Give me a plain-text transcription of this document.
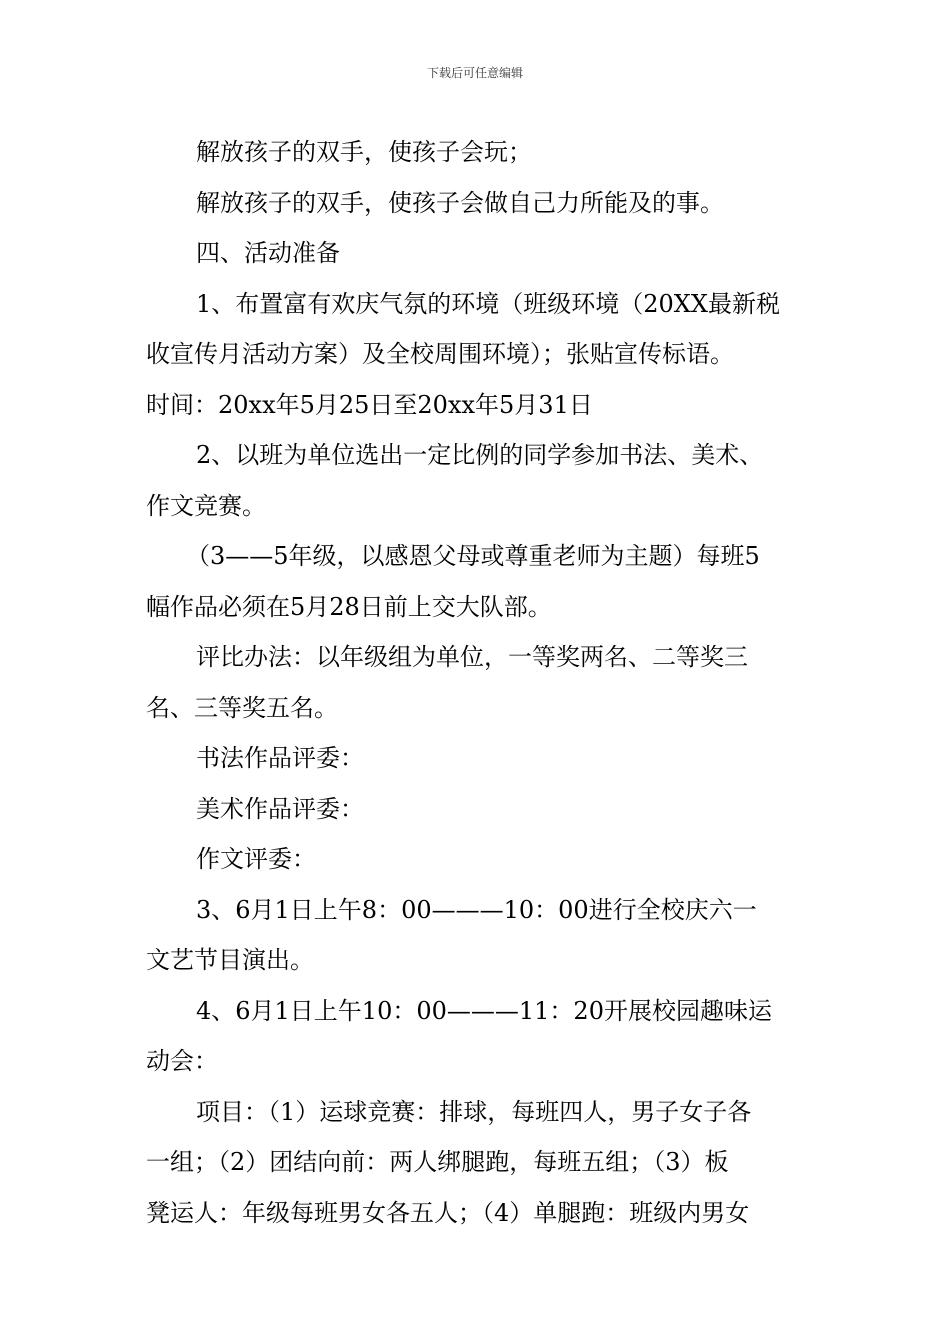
下载后可任意编辑
解放孩子的双手，使孩子会玩；
解放孩子的双手，使孩子会做自己力所能及的事。
四、活动准备
1、布置富有欢庆气氛的环境（班级环境（20XX最新税
收宣传月活动方案）及全校周围环境）；张贴宣传标语。
时间：20xx年5月25日至20xx年5月31日
2、以班为单位选出一定比例的同学参加书法、美术、
作文竞赛。
（3——5年级，以感恩父母或尊重老师为主题）每班5
幅作品必须在5月28日前上交大队部。
评比办法：以年级组为单位，一等奖两名、二等奖三
名、三等奖五名。
书法作品评委：
美术作品评委：
作文评委：
3、6月1日上午8：00———10：00进行全校庆六一
文艺节目演出。
4、6月1日上午10：00———11：20开展校园趣味运
动会：
项目：（1）运球竞赛：排球，每班四人，男子女子各
一组；（2）团结向前：两人绑腿跑，每班五组；（3）板
凳运人：年级每班男女各五人；（4）单腿跑：班级内男女
